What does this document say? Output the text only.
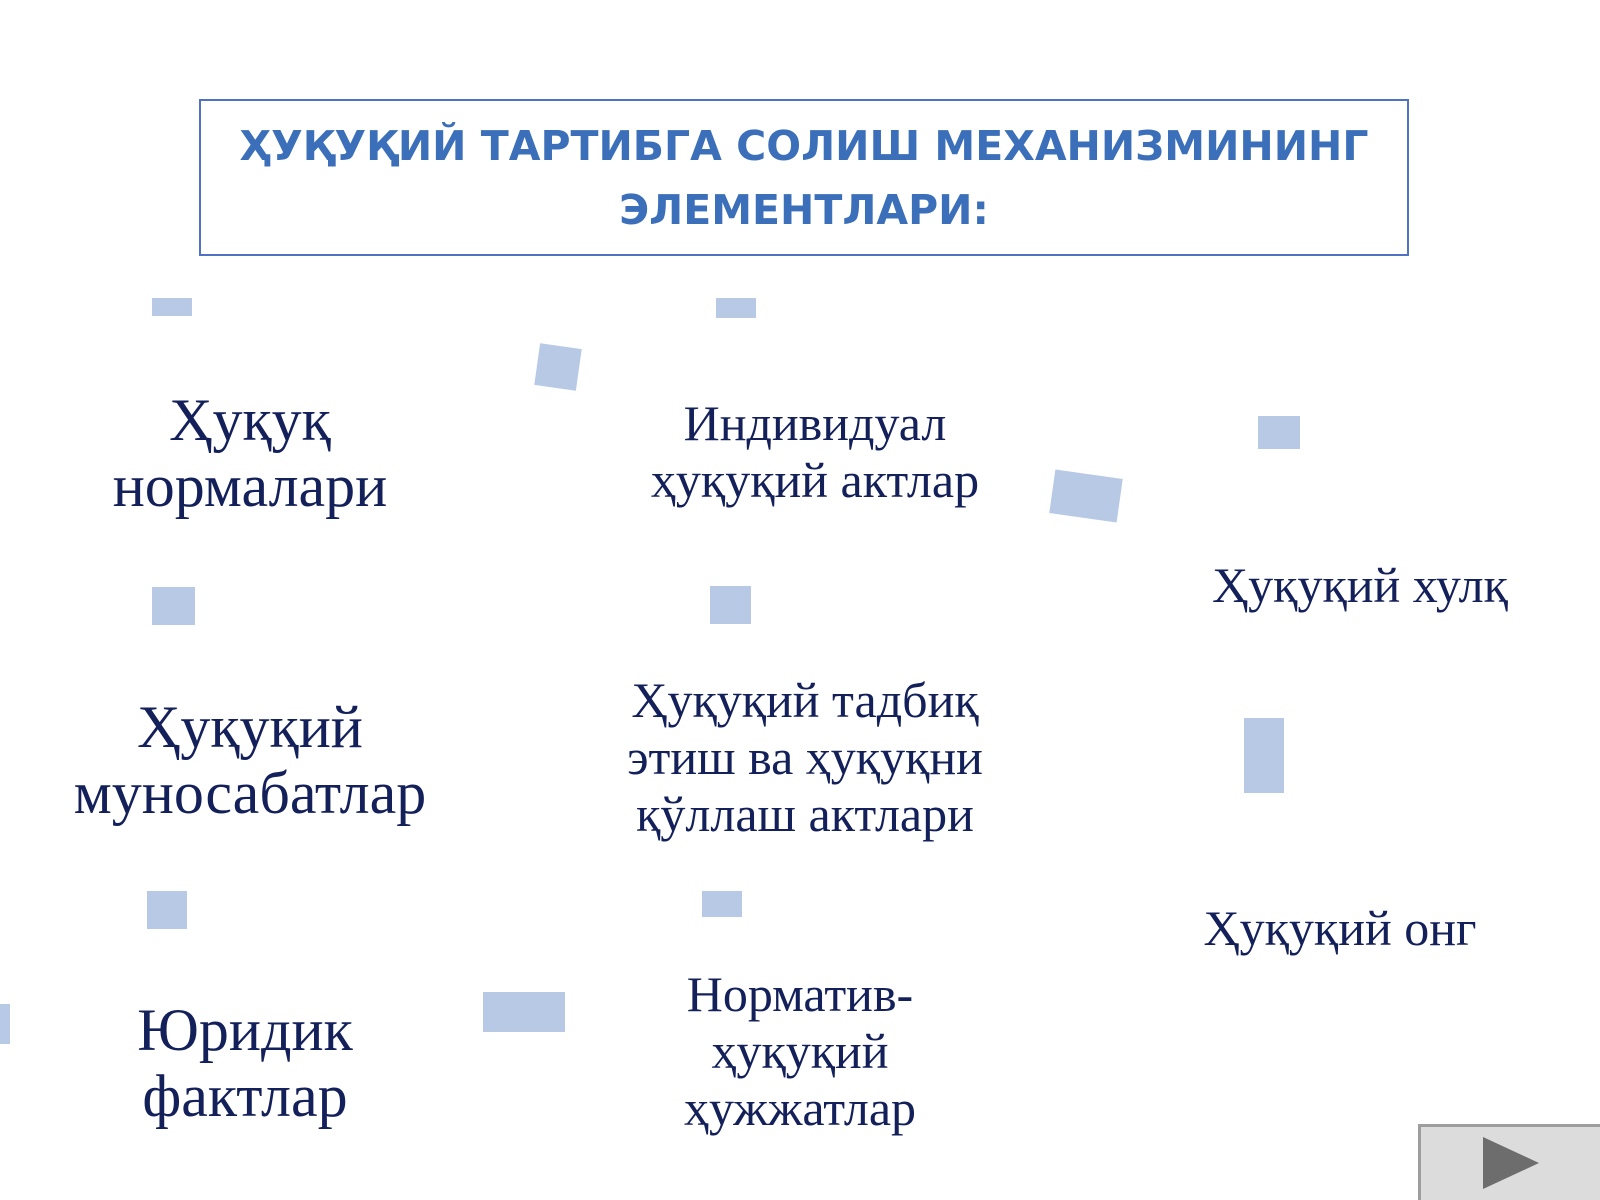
ҲУҚУҚИЙ ТАРТИБГА СОЛИШ МЕХАНИЗМИНИНГ
ЭЛЕМЕНТЛАРИ:
Ҳуқуқ
нормалари
Ҳуқуқий
муносабатлар
Юридик
фактлар
Индивидуал
ҳуқуқий актлар
Ҳуқуқий тадбиқ
этиш ва ҳуқуқни
қўллаш актлари
Норматив-
ҳуқуқий
ҳужжатлар
Ҳуқуқий хулқ
Ҳуқуқий онг
